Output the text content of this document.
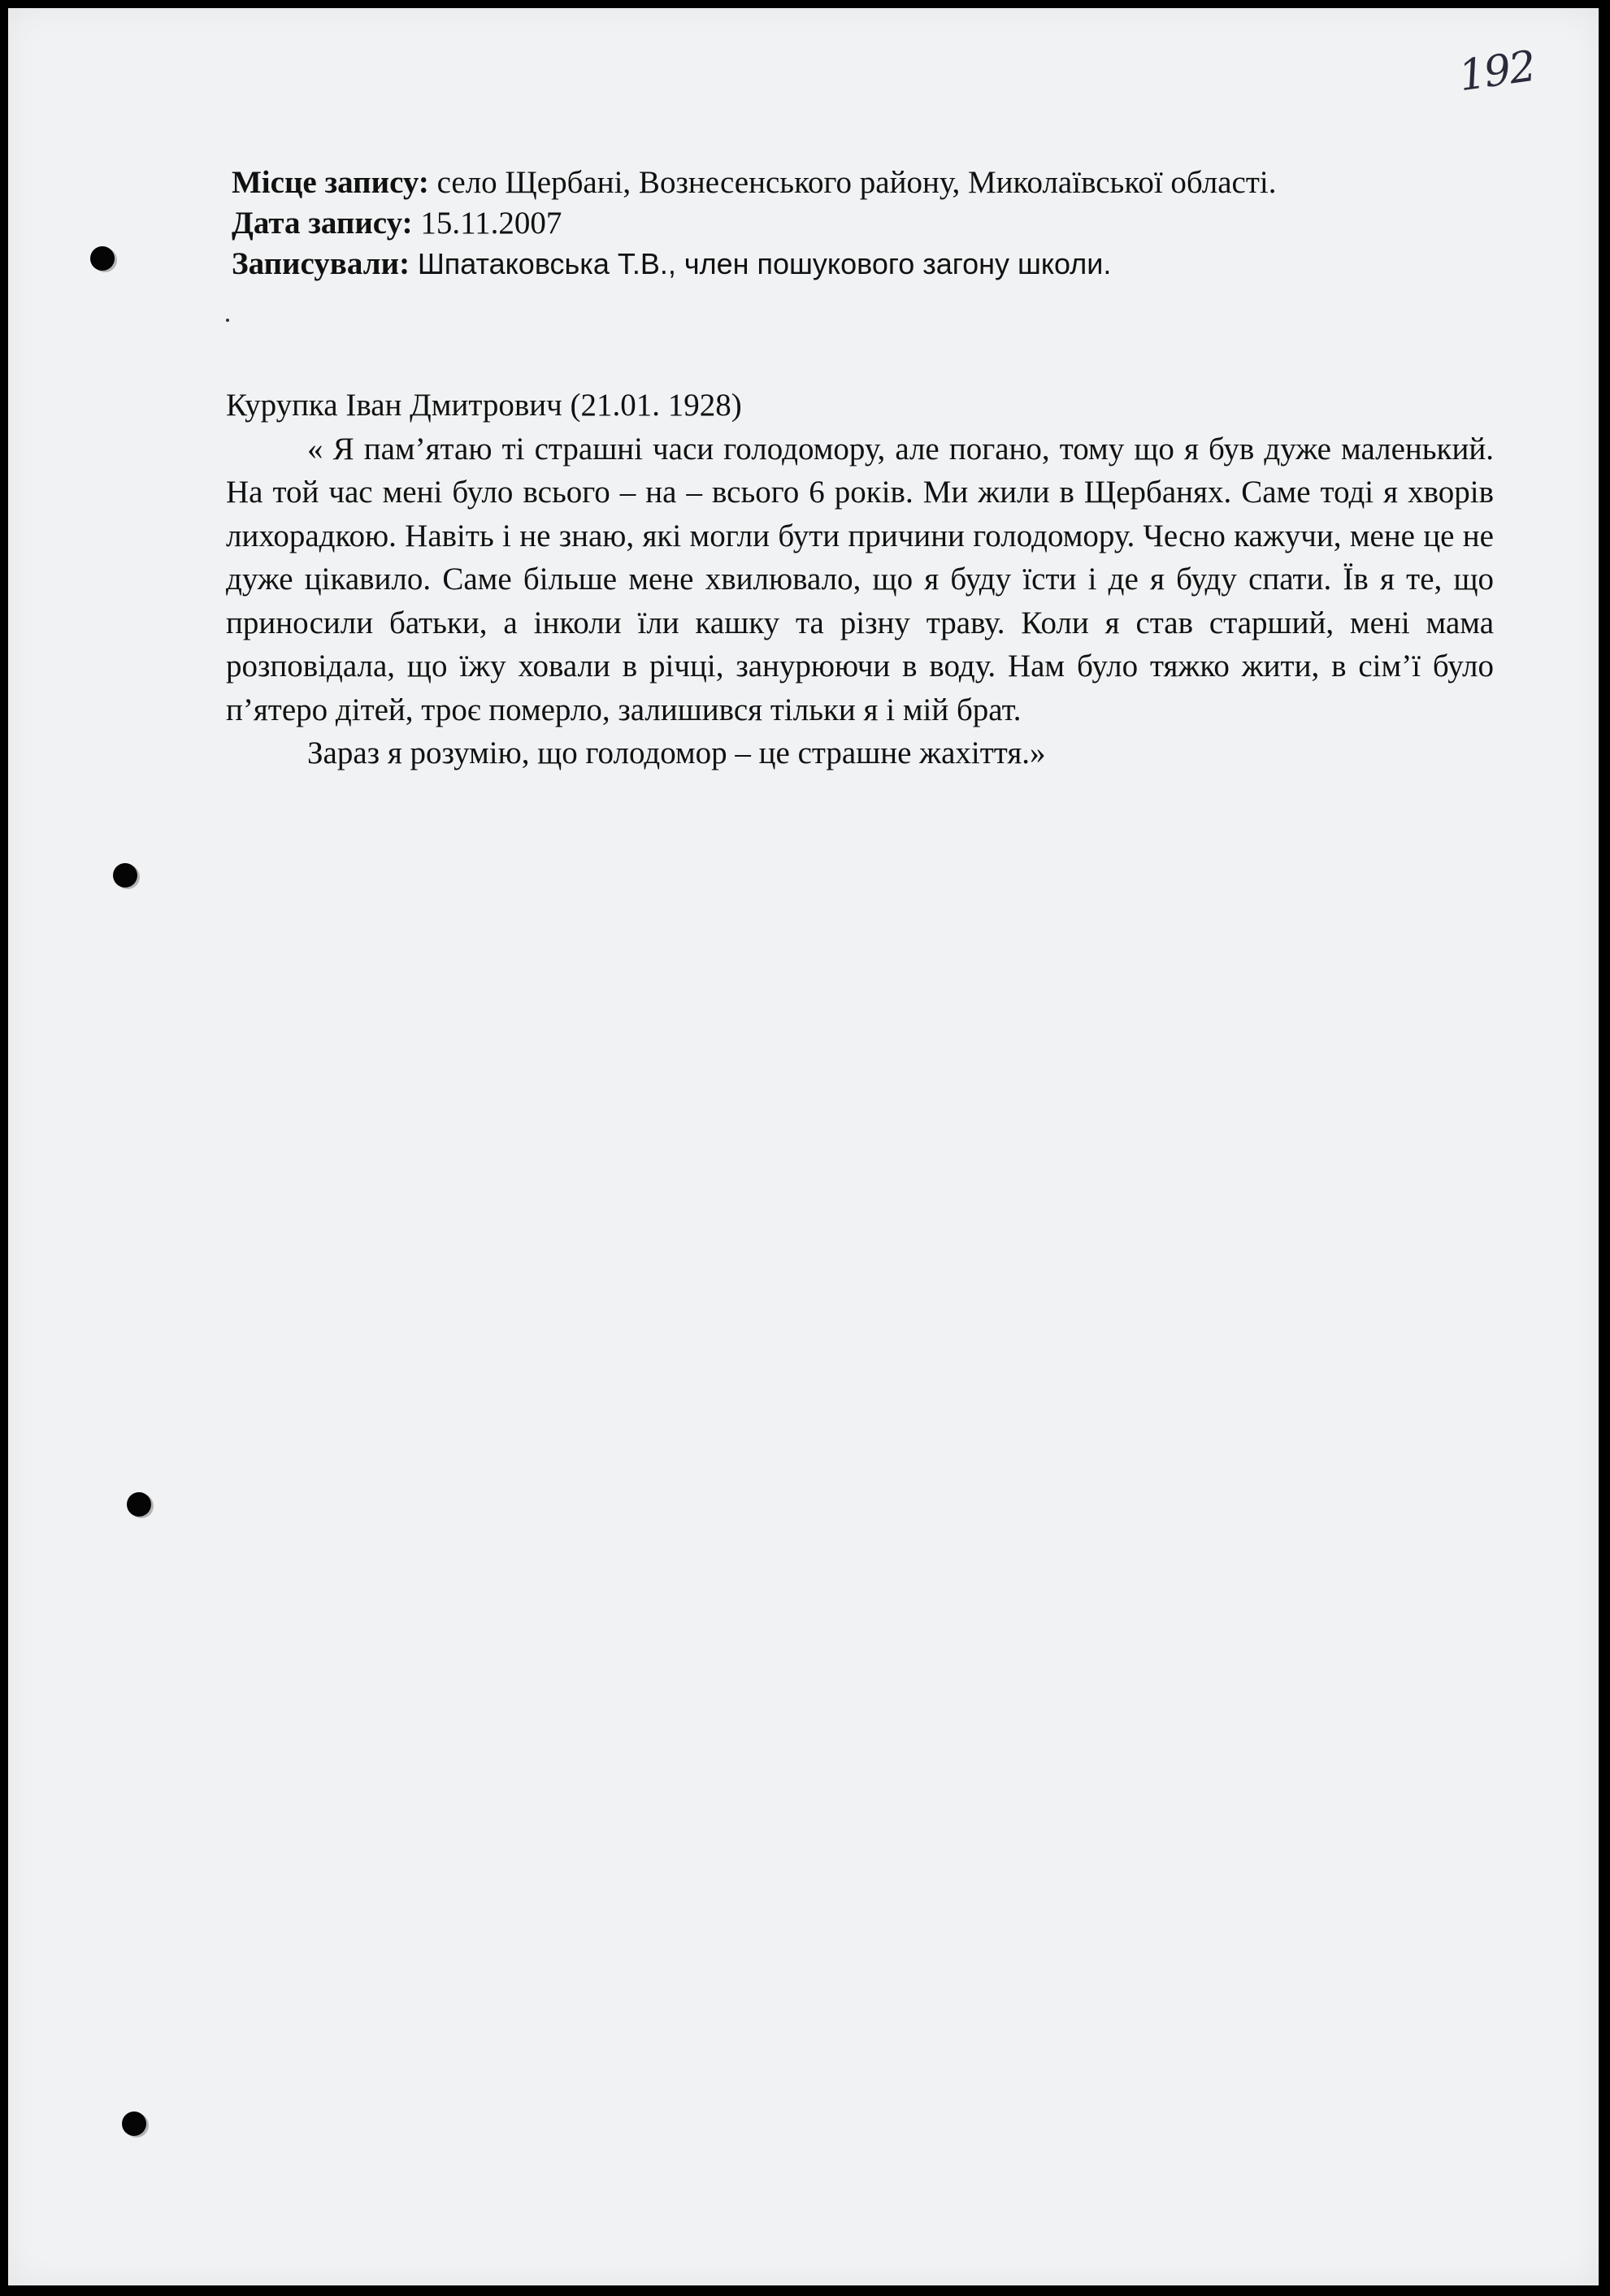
192
Місце запису: село Щербані, Вознесенського району, Миколаївської області.
Дата запису: 15.11.2007
Записували: Шпатаковська Т.В., член пошукового загону школи.

Курупка Іван Дмитрович (21.01. 1928)

« Я пам’ятаю ті страшні часи голодомору, але погано, тому що я був дуже маленький. На той час мені було всього – на – всього 6 років. Ми жили в Щербанях. Саме тоді я хворів лихорадкою. Навіть і не знаю, які могли бути причини голодомору. Чесно кажучи, мене це не дуже цікавило. Саме більше мене хвилювало, що я буду їсти і де я буду спати. Їв я те, що приносили батьки, а інколи їли кашку та різну траву. Коли я став старший, мені мама розповідала, що їжу ховали в річці, занурюючи в воду. Нам було тяжко жити, в сім’ї було п’ятеро дітей, троє померло, залишився тільки я і мій брат.

Зараз я розумію, що голодомор – це страшне жахіття.»
